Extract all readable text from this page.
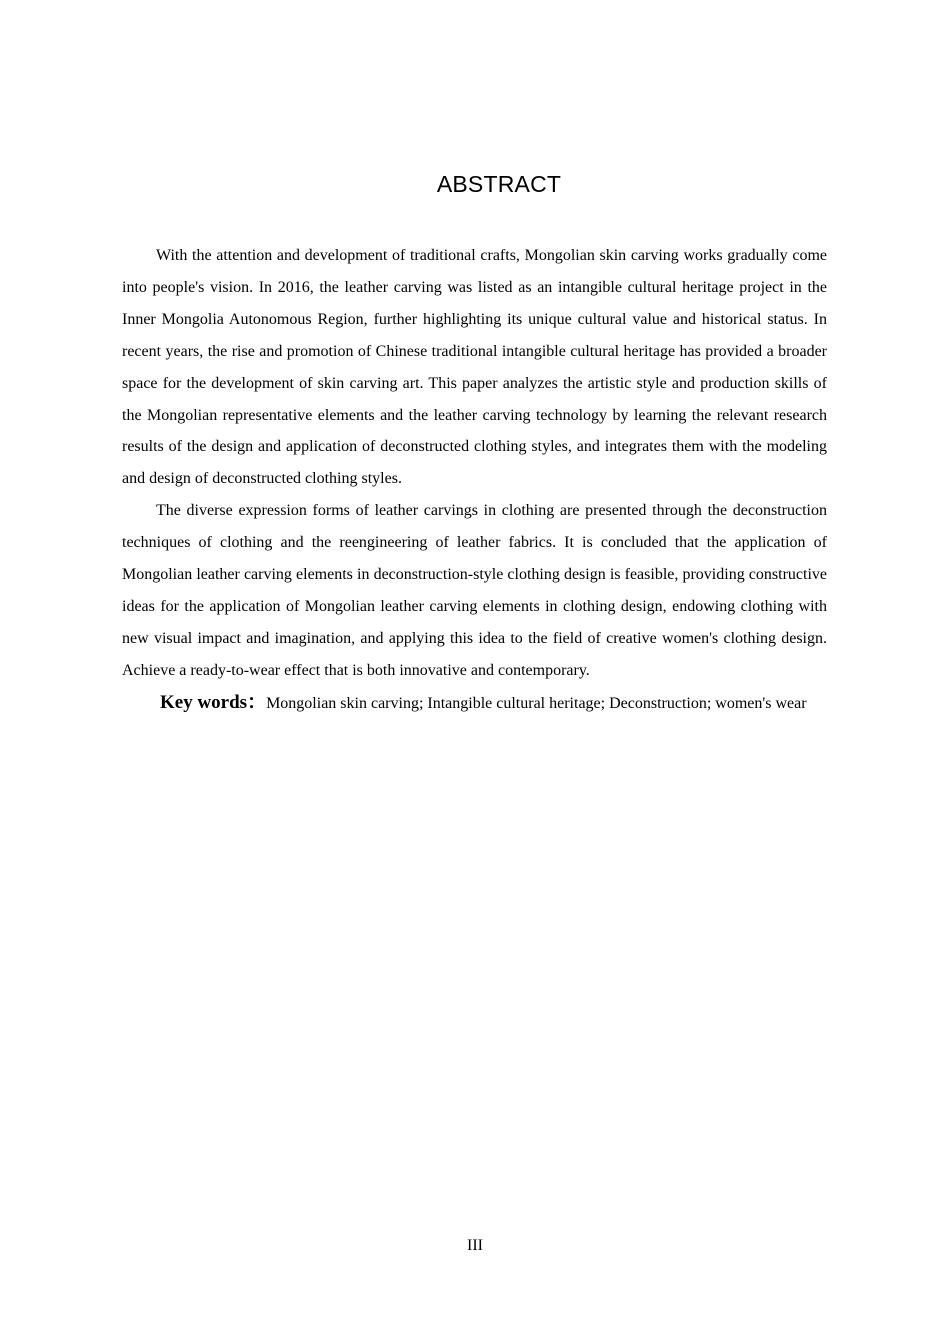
ABSTRACT

With the attention and development of traditional crafts, Mongolian skin carving works gradually come into people's vision. In 2016, the leather carving was listed as an intangible cultural heritage project in the Inner Mongolia Autonomous Region, further highlighting its unique cultural value and historical status. In recent years, the rise and promotion of Chinese traditional intangible cultural heritage has provided a broader space for the development of skin carving art. This paper analyzes the artistic style and production skills of the Mongolian representative elements and the leather carving technology by learning the relevant research results of the design and application of deconstructed clothing styles, and integrates them with the modeling and design of deconstructed clothing styles.

The diverse expression forms of leather carvings in clothing are presented through the deconstruction techniques of clothing and the reengineering of leather fabrics. It is concluded that the application of Mongolian leather carving elements in deconstruction-style clothing design is feasible, providing constructive ideas for the application of Mongolian leather carving elements in clothing design, endowing clothing with new visual impact and imagination, and applying this idea to the field of creative women's clothing design. Achieve a ready-to-wear effect that is both innovative and contemporary.

Key words：Mongolian skin carving; Intangible cultural heritage; Deconstruction; women's wear

III
